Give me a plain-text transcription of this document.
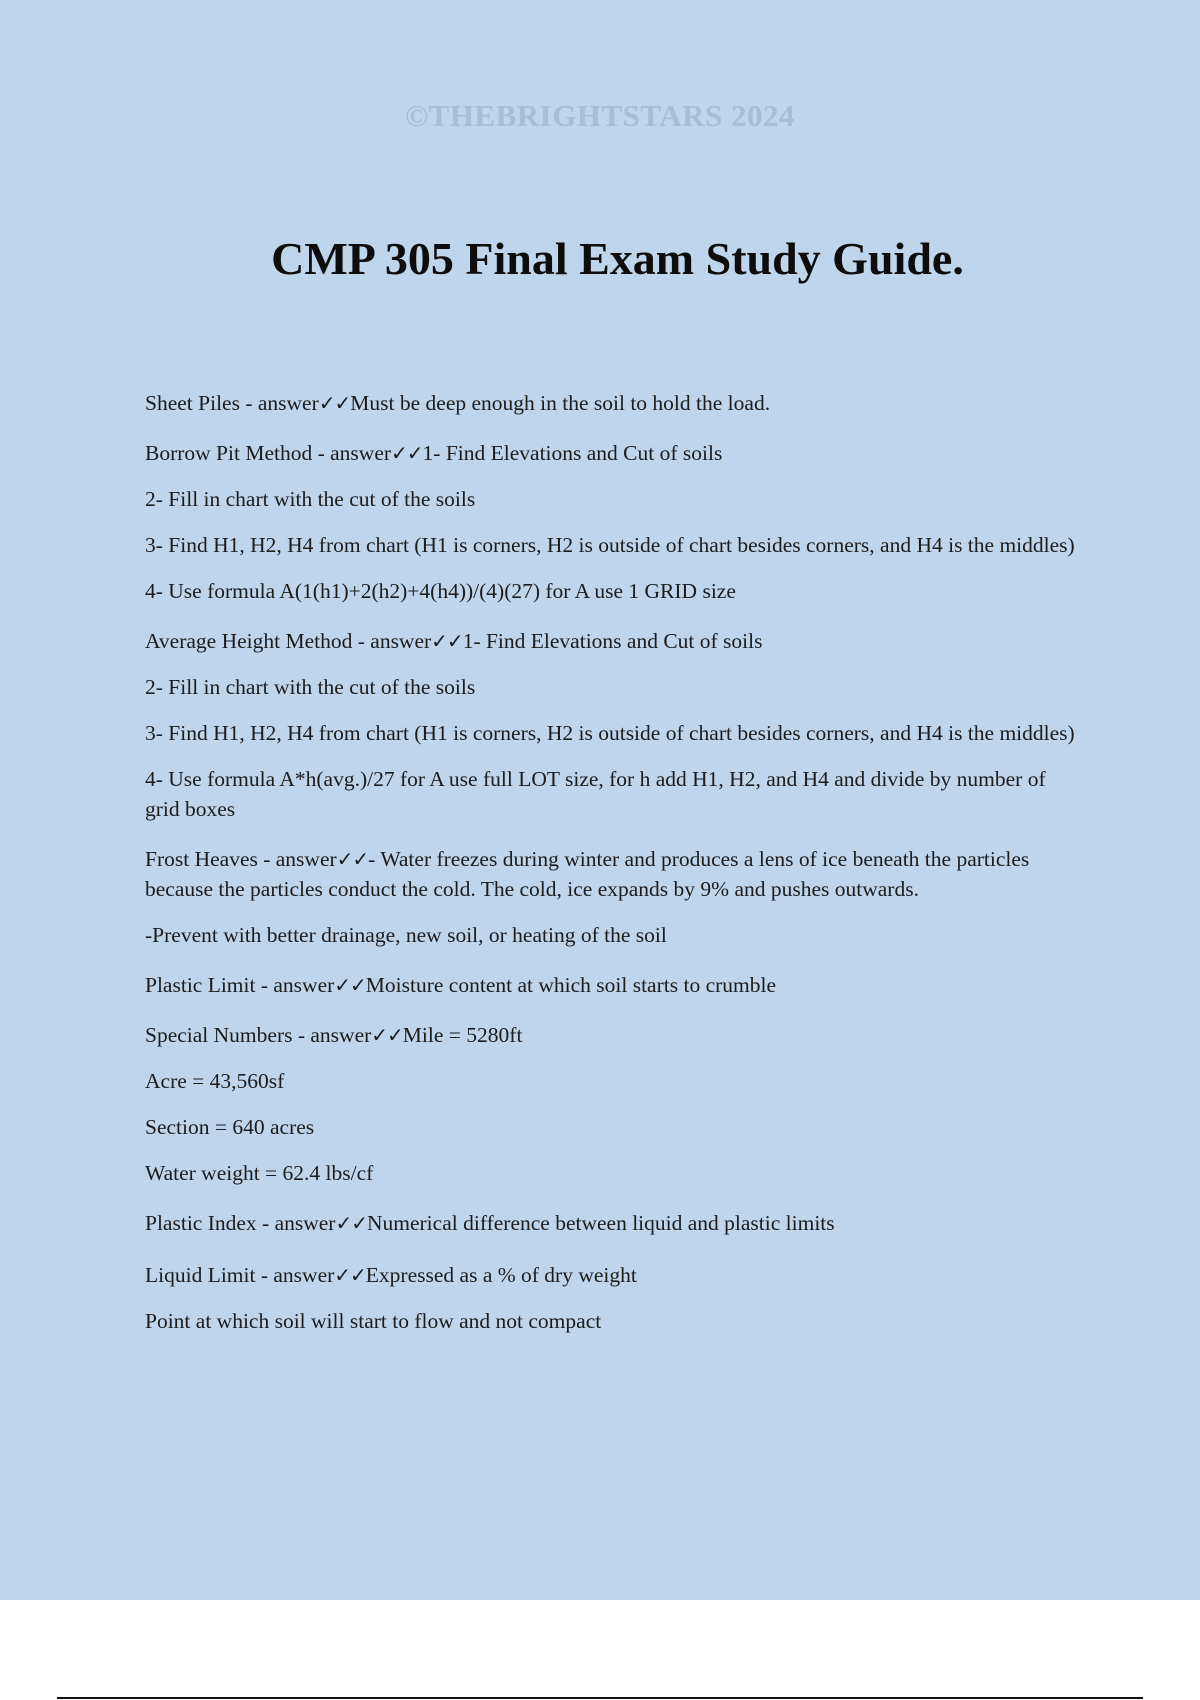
©THEBRIGHTSTARS 2024
CMP 305 Final Exam Study Guide.
Sheet Piles - answer✓✓Must be deep enough in the soil to hold the load.
Borrow Pit Method - answer✓✓1- Find Elevations and Cut of soils
2- Fill in chart with the cut of the soils
3- Find H1, H2, H4 from chart (H1 is corners, H2 is outside of chart besides corners, and H4 is the middles)
4- Use formula A(1(h1)+2(h2)+4(h4))/(4)(27) for A use 1 GRID size
Average Height Method - answer✓✓1- Find Elevations and Cut of soils
2- Fill in chart with the cut of the soils
3- Find H1, H2, H4 from chart (H1 is corners, H2 is outside of chart besides corners, and H4 is the middles)
4- Use formula A*h(avg.)/27 for A use full LOT size, for h add H1, H2, and H4 and divide by number of grid boxes
Frost Heaves - answer✓✓- Water freezes during winter and produces a lens of ice beneath the particles because the particles conduct the cold. The cold, ice expands by 9% and pushes outwards.
-Prevent with better drainage, new soil, or heating of the soil
Plastic Limit - answer✓✓Moisture content at which soil starts to crumble
Special Numbers - answer✓✓Mile = 5280ft
Acre = 43,560sf
Section = 640 acres
Water weight = 62.4 lbs/cf
Plastic Index - answer✓✓Numerical difference between liquid and plastic limits
Liquid Limit - answer✓✓Expressed as a % of dry weight
Point at which soil will start to flow and not compact
